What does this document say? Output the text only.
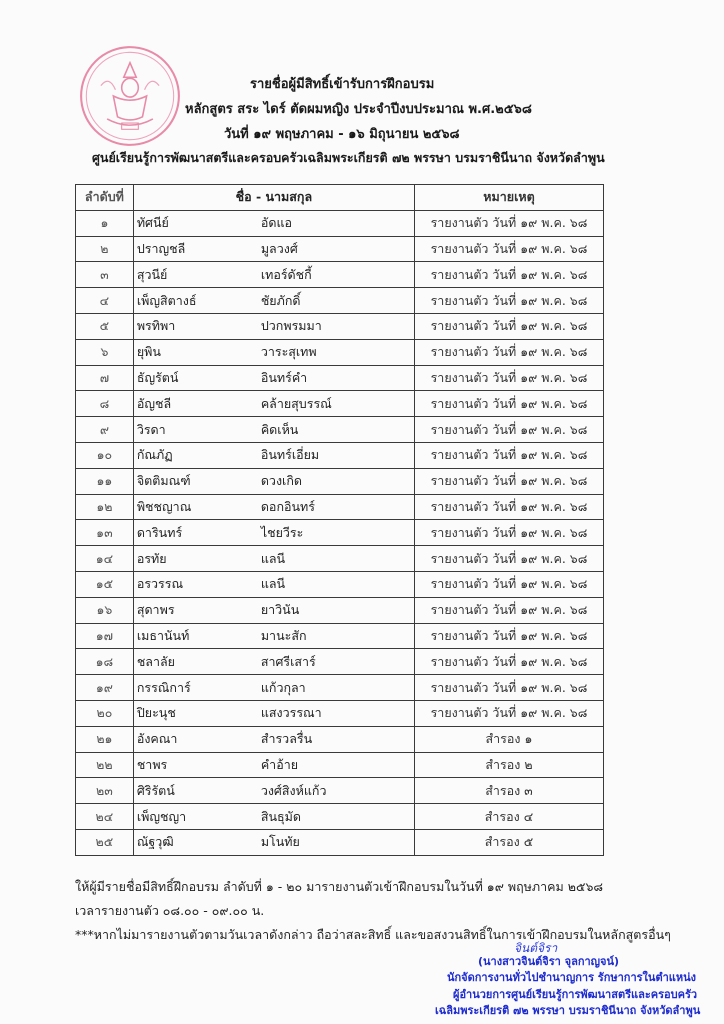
รายชื่อผู้มีสิทธิ์เข้ารับการฝึกอบรม
หลักสูตร สระ ไดร์ ตัดผมหญิง ประจำปีงบประมาณ พ.ศ.๒๕๖๘
วันที่ ๑๙ พฤษภาคม - ๑๖ มิถุนายน ๒๕๖๘
ศูนย์เรียนรู้การพัฒนาสตรีและครอบครัวเฉลิมพระเกียรติ ๗๒ พรรษา บรมราชินีนาถ จังหวัดลำพูน
ลำดับที่	ชื่อ - นามสกุล	หมายเหตุ
๑	ทัศนีย์ อัดแอ	รายงานตัว วันที่ ๑๙ พ.ค. ๖๘
๒	ปราญชลี มูลวงศ์	รายงานตัว วันที่ ๑๙ พ.ค. ๖๘
๓	สุวนีย์ เทอร์ดัชกี้	รายงานตัว วันที่ ๑๙ พ.ค. ๖๘
๔	เพ็ญสิตางธ์ ชัยภักดิ์	รายงานตัว วันที่ ๑๙ พ.ค. ๖๘
๕	พรทิพา ปวกพรมมา	รายงานตัว วันที่ ๑๙ พ.ค. ๖๘
๖	ยุพิน วาระสุเทพ	รายงานตัว วันที่ ๑๙ พ.ค. ๖๘
๗	ธัญรัตน์ อินทร์คำ	รายงานตัว วันที่ ๑๙ พ.ค. ๖๘
๘	อัญชลี คล้ายสุบรรณ์	รายงานตัว วันที่ ๑๙ พ.ค. ๖๘
๙	วิรดา คิดเห็น	รายงานตัว วันที่ ๑๙ พ.ค. ๖๘
๑๐	กัณภัฏ อินทร์เอี่ยม	รายงานตัว วันที่ ๑๙ พ.ค. ๖๘
๑๑	จิตติมณฑ์ ดวงเกิด	รายงานตัว วันที่ ๑๙ พ.ค. ๖๘
๑๒	พิชชญาณ ดอกอินทร์	รายงานตัว วันที่ ๑๙ พ.ค. ๖๘
๑๓	ดารินทร์ ไชยวีระ	รายงานตัว วันที่ ๑๙ พ.ค. ๖๘
๑๔	อรทัย แลนี	รายงานตัว วันที่ ๑๙ พ.ค. ๖๘
๑๕	อรวรรณ แลนี	รายงานตัว วันที่ ๑๙ พ.ค. ๖๘
๑๖	สุดาพร ยาวินัน	รายงานตัว วันที่ ๑๙ พ.ค. ๖๘
๑๗	เมธานันท์ มานะสัก	รายงานตัว วันที่ ๑๙ พ.ค. ๖๘
๑๘	ชลาลัย สาศรีเสาร์	รายงานตัว วันที่ ๑๙ พ.ค. ๖๘
๑๙	กรรณิการ์ แก้วกุลา	รายงานตัว วันที่ ๑๙ พ.ค. ๖๘
๒๐	ปิยะนุช แสงวรรณา	รายงานตัว วันที่ ๑๙ พ.ค. ๖๘
๒๑	อังคณา สำรวลรื่น	สำรอง ๑
๒๒	ชาพร คำอ้าย	สำรอง ๒
๒๓	ศิริรัตน์ วงศ์สิงห์แก้ว	สำรอง ๓
๒๔	เพ็ญชญา สินธุมัด	สำรอง ๔
๒๕	ณัฐวุฒิ มโนทัย	สำรอง ๕
ให้ผู้มีรายชื่อมีสิทธิ์ฝึกอบรม ลำดับที่ ๑ - ๒๐ มารายงานตัวเข้าฝึกอบรมในวันที่ ๑๙ พฤษภาคม ๒๕๖๘
เวลารายงานตัว ๐๘.๐๐ - ๐๙.๐๐ น.
***หากไม่มารายงานตัวตามวันเวลาดังกล่าว ถือว่าสละสิทธิ์ และขอสงวนสิทธิ์ในการเข้าฝึกอบรมในหลักสูตรอื่นๆ
จินต์จิรา
(นางสาวจินต์จิรา จุลกาญจน์)
นักจัดการงานทั่วไปชำนาญการ รักษาการในตำแหน่ง
ผู้อำนวยการศูนย์เรียนรู้การพัฒนาสตรีและครอบครัว
เฉลิมพระเกียรติ ๗๒ พรรษา บรมราชินีนาถ จังหวัดลำพูน
